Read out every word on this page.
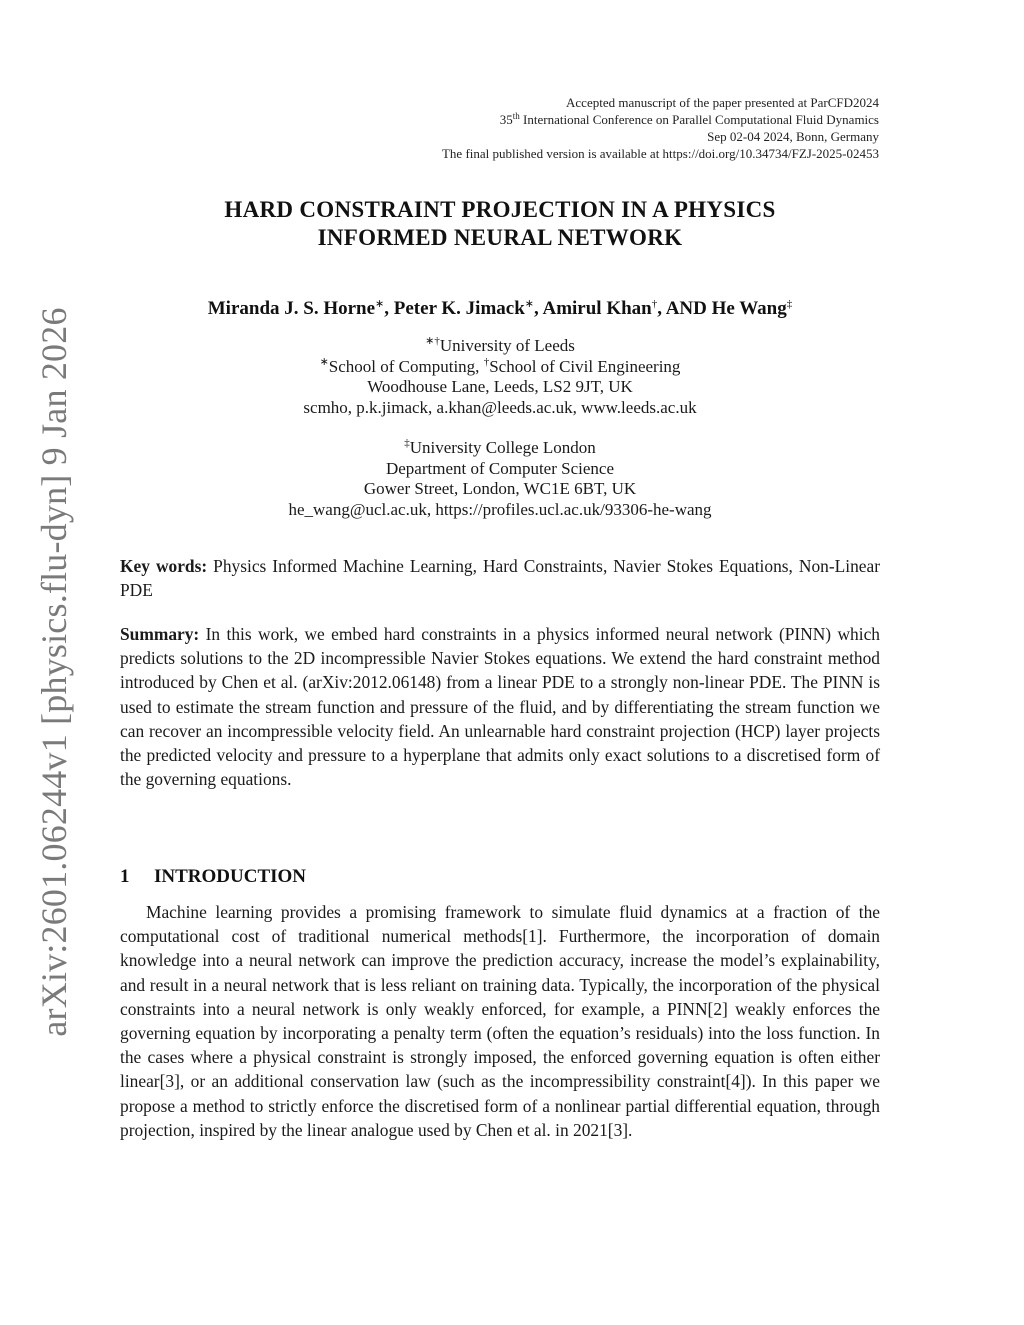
arXiv:2601.06244v1 [physics.flu-dyn] 9 Jan 2026
Accepted manuscript of the paper presented at ParCFD2024
35th International Conference on Parallel Computational Fluid Dynamics
Sep 02-04 2024, Bonn, Germany
The final published version is available at https://doi.org/10.34734/FZJ-2025-02453
HARD CONSTRAINT PROJECTION IN A PHYSICS
INFORMED NEURAL NETWORK
Miranda J. S. Horne∗, Peter K. Jimack∗, Amirul Khan†, AND He Wang‡
∗†University of Leeds
∗School of Computing, †School of Civil Engineering
Woodhouse Lane, Leeds, LS2 9JT, UK
scmho, p.k.jimack, a.khan@leeds.ac.uk, www.leeds.ac.uk
‡University College London
Department of Computer Science
Gower Street, London, WC1E 6BT, UK
he_wang@ucl.ac.uk, https://profiles.ucl.ac.uk/93306-he-wang
Key words: Physics Informed Machine Learning, Hard Constraints, Navier Stokes Equations, Non-Linear PDE
Summary: In this work, we embed hard constraints in a physics informed neural network (PINN) which predicts solutions to the 2D incompressible Navier Stokes equations. We extend the hard constraint method introduced by Chen et al. (arXiv:2012.06148) from a linear PDE to a strongly non-linear PDE. The PINN is used to estimate the stream function and pressure of the fluid, and by differentiating the stream function we can recover an incompressible velocity field. An unlearnable hard constraint projection (HCP) layer projects the predicted velocity and pressure to a hyperplane that admits only exact solutions to a discretised form of the governing equations.
1 INTRODUCTION
Machine learning provides a promising framework to simulate fluid dynamics at a fraction of the computational cost of traditional numerical methods[1]. Furthermore, the incorporation of domain knowledge into a neural network can improve the prediction accuracy, increase the model’s explainability, and result in a neural network that is less reliant on training data. Typically, the incorporation of the physical constraints into a neural network is only weakly enforced, for example, a PINN[2] weakly enforces the governing equation by incorporating a penalty term (often the equation’s residuals) into the loss function. In the cases where a physical constraint is strongly imposed, the enforced governing equation is often either linear[3], or an additional conservation law (such as the incompressibility constraint[4]). In this paper we propose a method to strictly enforce the discretised form of a nonlinear partial differential equation, through projection, inspired by the linear analogue used by Chen et al. in 2021[3].
